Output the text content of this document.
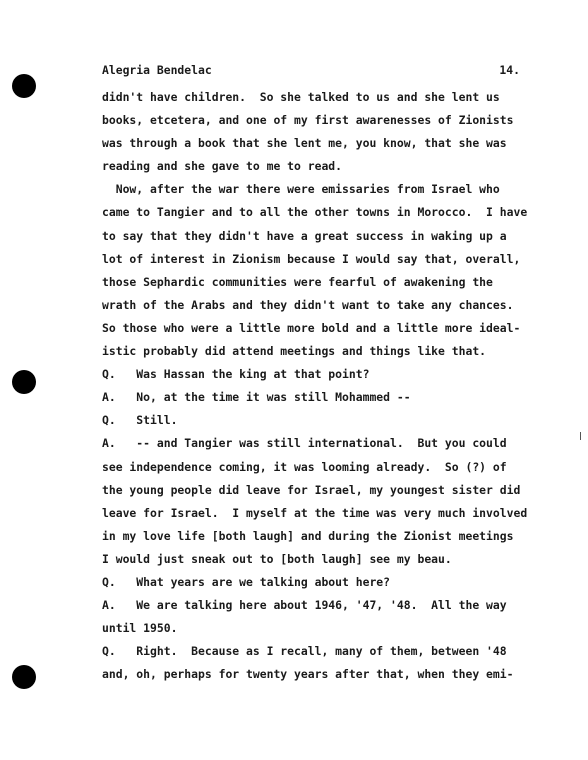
Alegria Bendelac	14.
didn't have children.  So she talked to us and she lent us
books, etcetera, and one of my first awarenesses of Zionists
was through a book that she lent me, you know, that she was
reading and she gave to me to read.
Now, after the war there were emissaries from Israel who
came to Tangier and to all the other towns in Morocco.  I have
to say that they didn't have a great success in waking up a
lot of interest in Zionism because I would say that, overall,
those Sephardic communities were fearful of awakening the
wrath of the Arabs and they didn't want to take any chances.
So those who were a little more bold and a little more ideal-
istic probably did attend meetings and things like that.
Q.   Was Hassan the king at that point?
A.   No, at the time it was still Mohammed --
Q.   Still.
A.   -- and Tangier was still international.  But you could
see independence coming, it was looming already.  So (?) of
the young people did leave for Israel, my youngest sister did
leave for Israel.  I myself at the time was very much involved
in my love life [both laugh] and during the Zionist meetings
I would just sneak out to [both laugh] see my beau.
Q.   What years are we talking about here?
A.   We are talking here about 1946, '47, '48.  All the way
until 1950.
Q.   Right.  Because as I recall, many of them, between '48
and, oh, perhaps for twenty years after that, when they emi-
